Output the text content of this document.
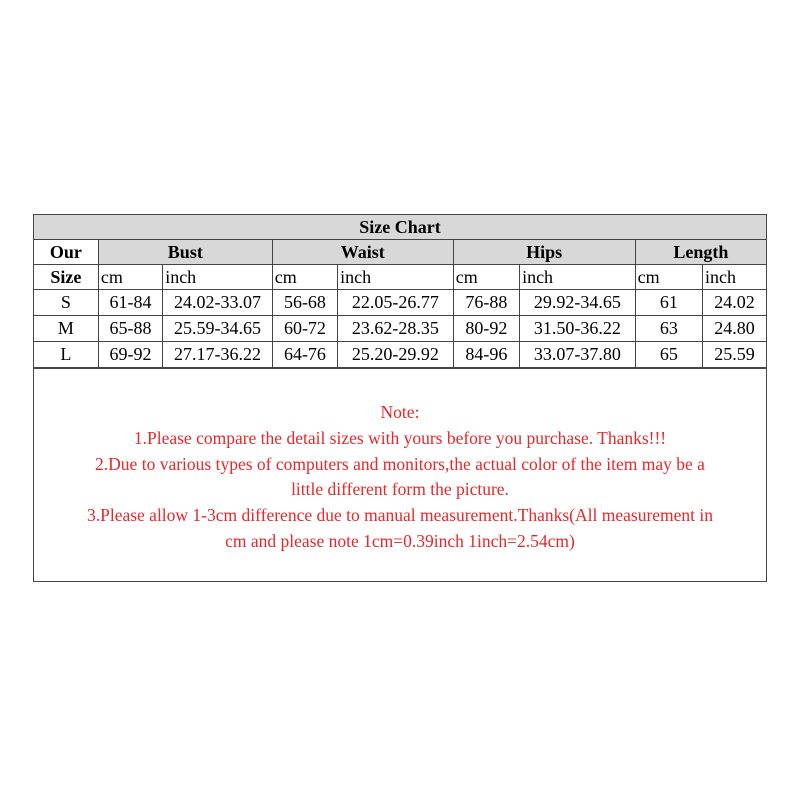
Size Chart								
Our	Bust		Waist		Hips		Length	
Size	cm	inch	cm	inch	cm	inch	cm	inch
S	61-84	24.02-33.07	56-68	22.05-26.77	76-88	29.92-34.65	61	24.02
M	65-88	25.59-34.65	60-72	23.62-28.35	80-92	31.50-36.22	63	24.80
L	69-92	27.17-36.22	64-76	25.20-29.92	84-96	33.07-37.80	65	25.59
Note:
1.Please compare the detail sizes with yours before you purchase. Thanks!!!
2.Due to various types of computers and monitors,the actual color of the item may be a
little different form the picture.
3.Please allow 1-3cm difference due to manual measurement.Thanks(All measurement in
cm and please note 1cm=0.39inch 1inch=2.54cm)
